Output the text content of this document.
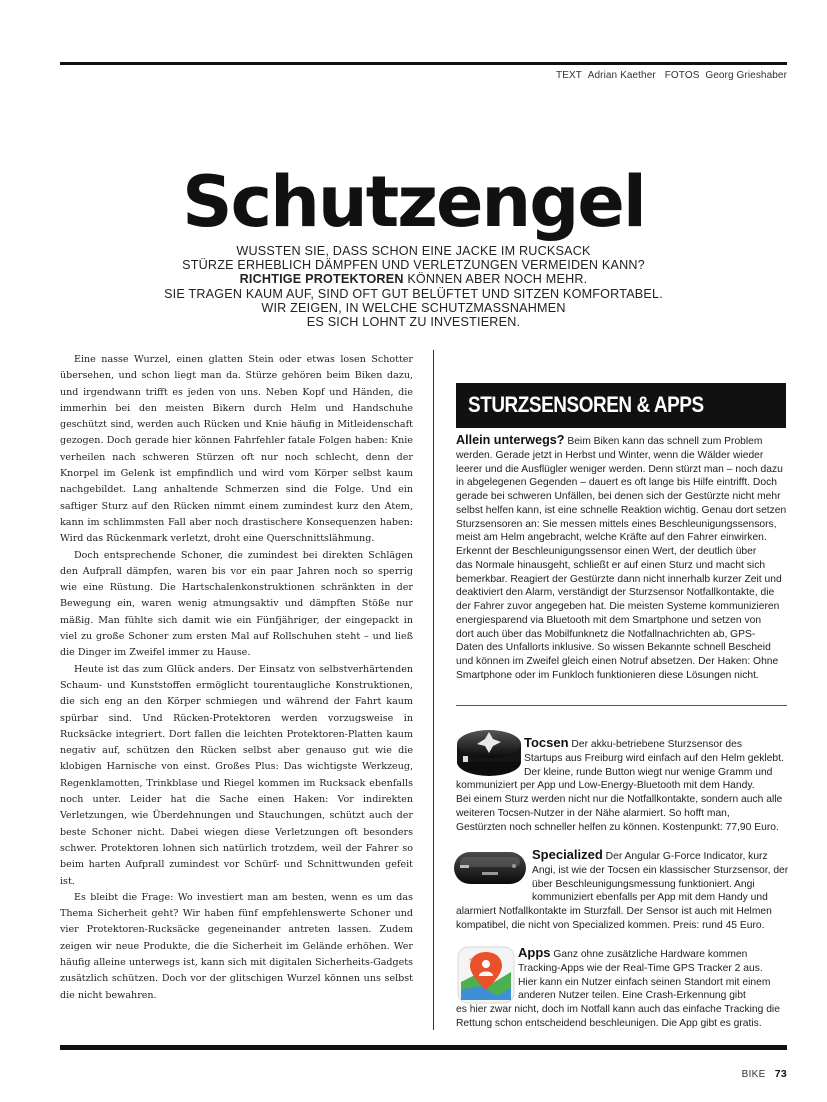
TEXT Adrian Kaether FOTOS Georg Grieshaber
Schutzengel
WUSSTEN SIE, DASS SCHON EINE JACKE IM RUCKSACK
STÜRZE ERHEBLICH DÄMPFEN UND VERLETZUNGEN VERMEIDEN KANN?
RICHTIGE PROTEKTOREN KÖNNEN ABER NOCH MEHR.
SIE TRAGEN KAUM AUF, SIND OFT GUT BELÜFTET UND SITZEN KOMFORTABEL.
WIR ZEIGEN, IN WELCHE SCHUTZMASSNAHMEN
ES SICH LOHNT ZU INVESTIEREN.

Eine nasse Wurzel, einen glatten Stein oder etwas losen Schotter übersehen, und schon liegt man da. Stürze gehören beim Biken dazu, und irgendwann trifft es jeden von uns. Neben Kopf und Händen, die immerhin bei den meisten Bikern durch Helm und Handschuhe geschützt sind, werden auch Rücken und Knie häufig in Mitleidenschaft gezogen. Doch gerade hier können Fahrfehler fatale Folgen haben: Knie verheilen nach schweren Stürzen oft nur noch schlecht, denn der Knorpel im Gelenk ist empfindlich und wird vom Körper selbst kaum nachgebildet. Lang anhaltende Schmerzen sind die Folge. Und ein saftiger Sturz auf den Rücken nimmt einem zumindest kurz den Atem, kann im schlimmsten Fall aber noch drastischere Konsequenzen haben: Wird das Rückenmark verletzt, droht eine Querschnittslähmung.

Doch entsprechende Schoner, die zumindest bei direkten Schlägen den Aufprall dämpfen, waren bis vor ein paar Jahren noch so sperrig wie eine Rüstung. Die Hartschalenkonstruktionen schränkten in der Bewegung ein, waren wenig atmungsaktiv und dämpften Stöße nur mäßig. Man fühlte sich damit wie ein Fünfjähriger, der eingepackt in viel zu große Schoner zum ersten Mal auf Rollschuhen steht – und ließ die Dinger im Zweifel immer zu Hause.

Heute ist das zum Glück anders. Der Einsatz von selbstverhärtenden Schaum- und Kunststoffen ermöglicht tourentaugliche Konstruktionen, die sich eng an den Körper schmiegen und während der Fahrt kaum spürbar sind. Und Rücken-Protektoren werden vorzugsweise in Rucksäcke integriert. Dort fallen die leichten Protektoren-Platten kaum negativ auf, schützen den Rücken selbst aber genauso gut wie die klobigen Harnische von einst. Großes Plus: Das wichtigste Werkzeug, Regenklamotten, Trinkblase und Riegel kommen im Rucksack ebenfalls noch unter. Leider hat die Sache einen Haken: Vor indirekten Verletzungen, wie Überdehnungen und Stauchungen, schützt auch der beste Schoner nicht. Dabei wiegen diese Verletzungen oft besonders schwer. Protektoren lohnen sich natürlich trotzdem, weil der Fahrer so beim harten Aufprall zumindest vor Schürf- und Schnittwunden gefeit ist.

Es bleibt die Frage: Wo investiert man am besten, wenn es um das Thema Sicherheit geht? Wir haben fünf empfehlenswerte Schoner und vier Protektoren-Rucksäcke gegeneinander antreten lassen. Zudem zeigen wir neue Produkte, die die Sicherheit im Gelände erhöhen. Wer häufig alleine unterwegs ist, kann sich mit digitalen Sicherheits-Gadgets zusätzlich schützen. Doch vor der glitschigen Wurzel können uns selbst die nicht bewahren.

STURZSENSOREN & APPS
Allein unterwegs? Beim Biken kann das schnell zum Problem
werden. Gerade jetzt in Herbst und Winter, wenn die Wälder wieder
leerer und die Ausflügler weniger werden. Denn stürzt man – noch dazu
in abgelegenen Gegenden – dauert es oft lange bis Hilfe eintrifft. Doch
gerade bei schweren Unfällen, bei denen sich der Gestürzte nicht mehr
selbst helfen kann, ist eine schnelle Reaktion wichtig. Genau dort setzen
Sturzsensoren an: Sie messen mittels eines Beschleunigungssensors,
meist am Helm angebracht, welche Kräfte auf den Fahrer einwirken.
Erkennt der Beschleunigungssensor einen Wert, der deutlich über
das Normale hinausgeht, schließt er auf einen Sturz und macht sich
bemerkbar. Reagiert der Gestürzte dann nicht innerhalb kurzer Zeit und
deaktiviert den Alarm, verständigt der Sturzsensor Notfallkontakte, die
der Fahrer zuvor angegeben hat. Die meisten Systeme kommunizieren
energiesparend via Bluetooth mit dem Smartphone und setzen von
dort auch über das Mobilfunknetz die Notfallnachrichten ab, GPS-
Daten des Unfallorts inklusive. So wissen Bekannte schnell Bescheid
und können im Zweifel gleich einen Notruf absetzen. Der Haken: Ohne
Smartphone oder im Funkloch funktionieren diese Lösungen nicht.
Tocsen Der akku-betriebene Sturzsensor des
Startups aus Freiburg wird einfach auf den Helm geklebt.
Der kleine, runde Button wiegt nur wenige Gramm und
kommuniziert per App und Low-Energy-Bluetooth mit dem Handy.
Bei einem Sturz werden nicht nur die Notfallkontakte, sondern auch alle
weiteren Tocsen-Nutzer in der Nähe alarmiert. So hofft man,
Gestürzten noch schneller helfen zu können. Kostenpunkt: 77,90 Euro.
Specialized Der Angular G-Force Indicator, kurz
Angi, ist wie der Tocsen ein klassischer Sturzsensor, der
über Beschleunigungsmessung funktioniert. Angi
kommuniziert ebenfalls per App mit dem Handy und
alarmiert Notfallkontakte im Sturzfall. Der Sensor ist auch mit Helmen
kompatibel, die nicht von Specialized kommen. Preis: rund 45 Euro.
Apps Ganz ohne zusätzliche Hardware kommen
Tracking-Apps wie der Real-Time GPS Tracker 2 aus.
Hier kann ein Nutzer einfach seinen Standort mit einem
anderen Nutzer teilen. Eine Crash-Erkennung gibt
es hier zwar nicht, doch im Notfall kann auch das einfache Tracking die
Rettung schon entscheidend beschleunigen. Die App gibt es gratis.
BIKE 73
